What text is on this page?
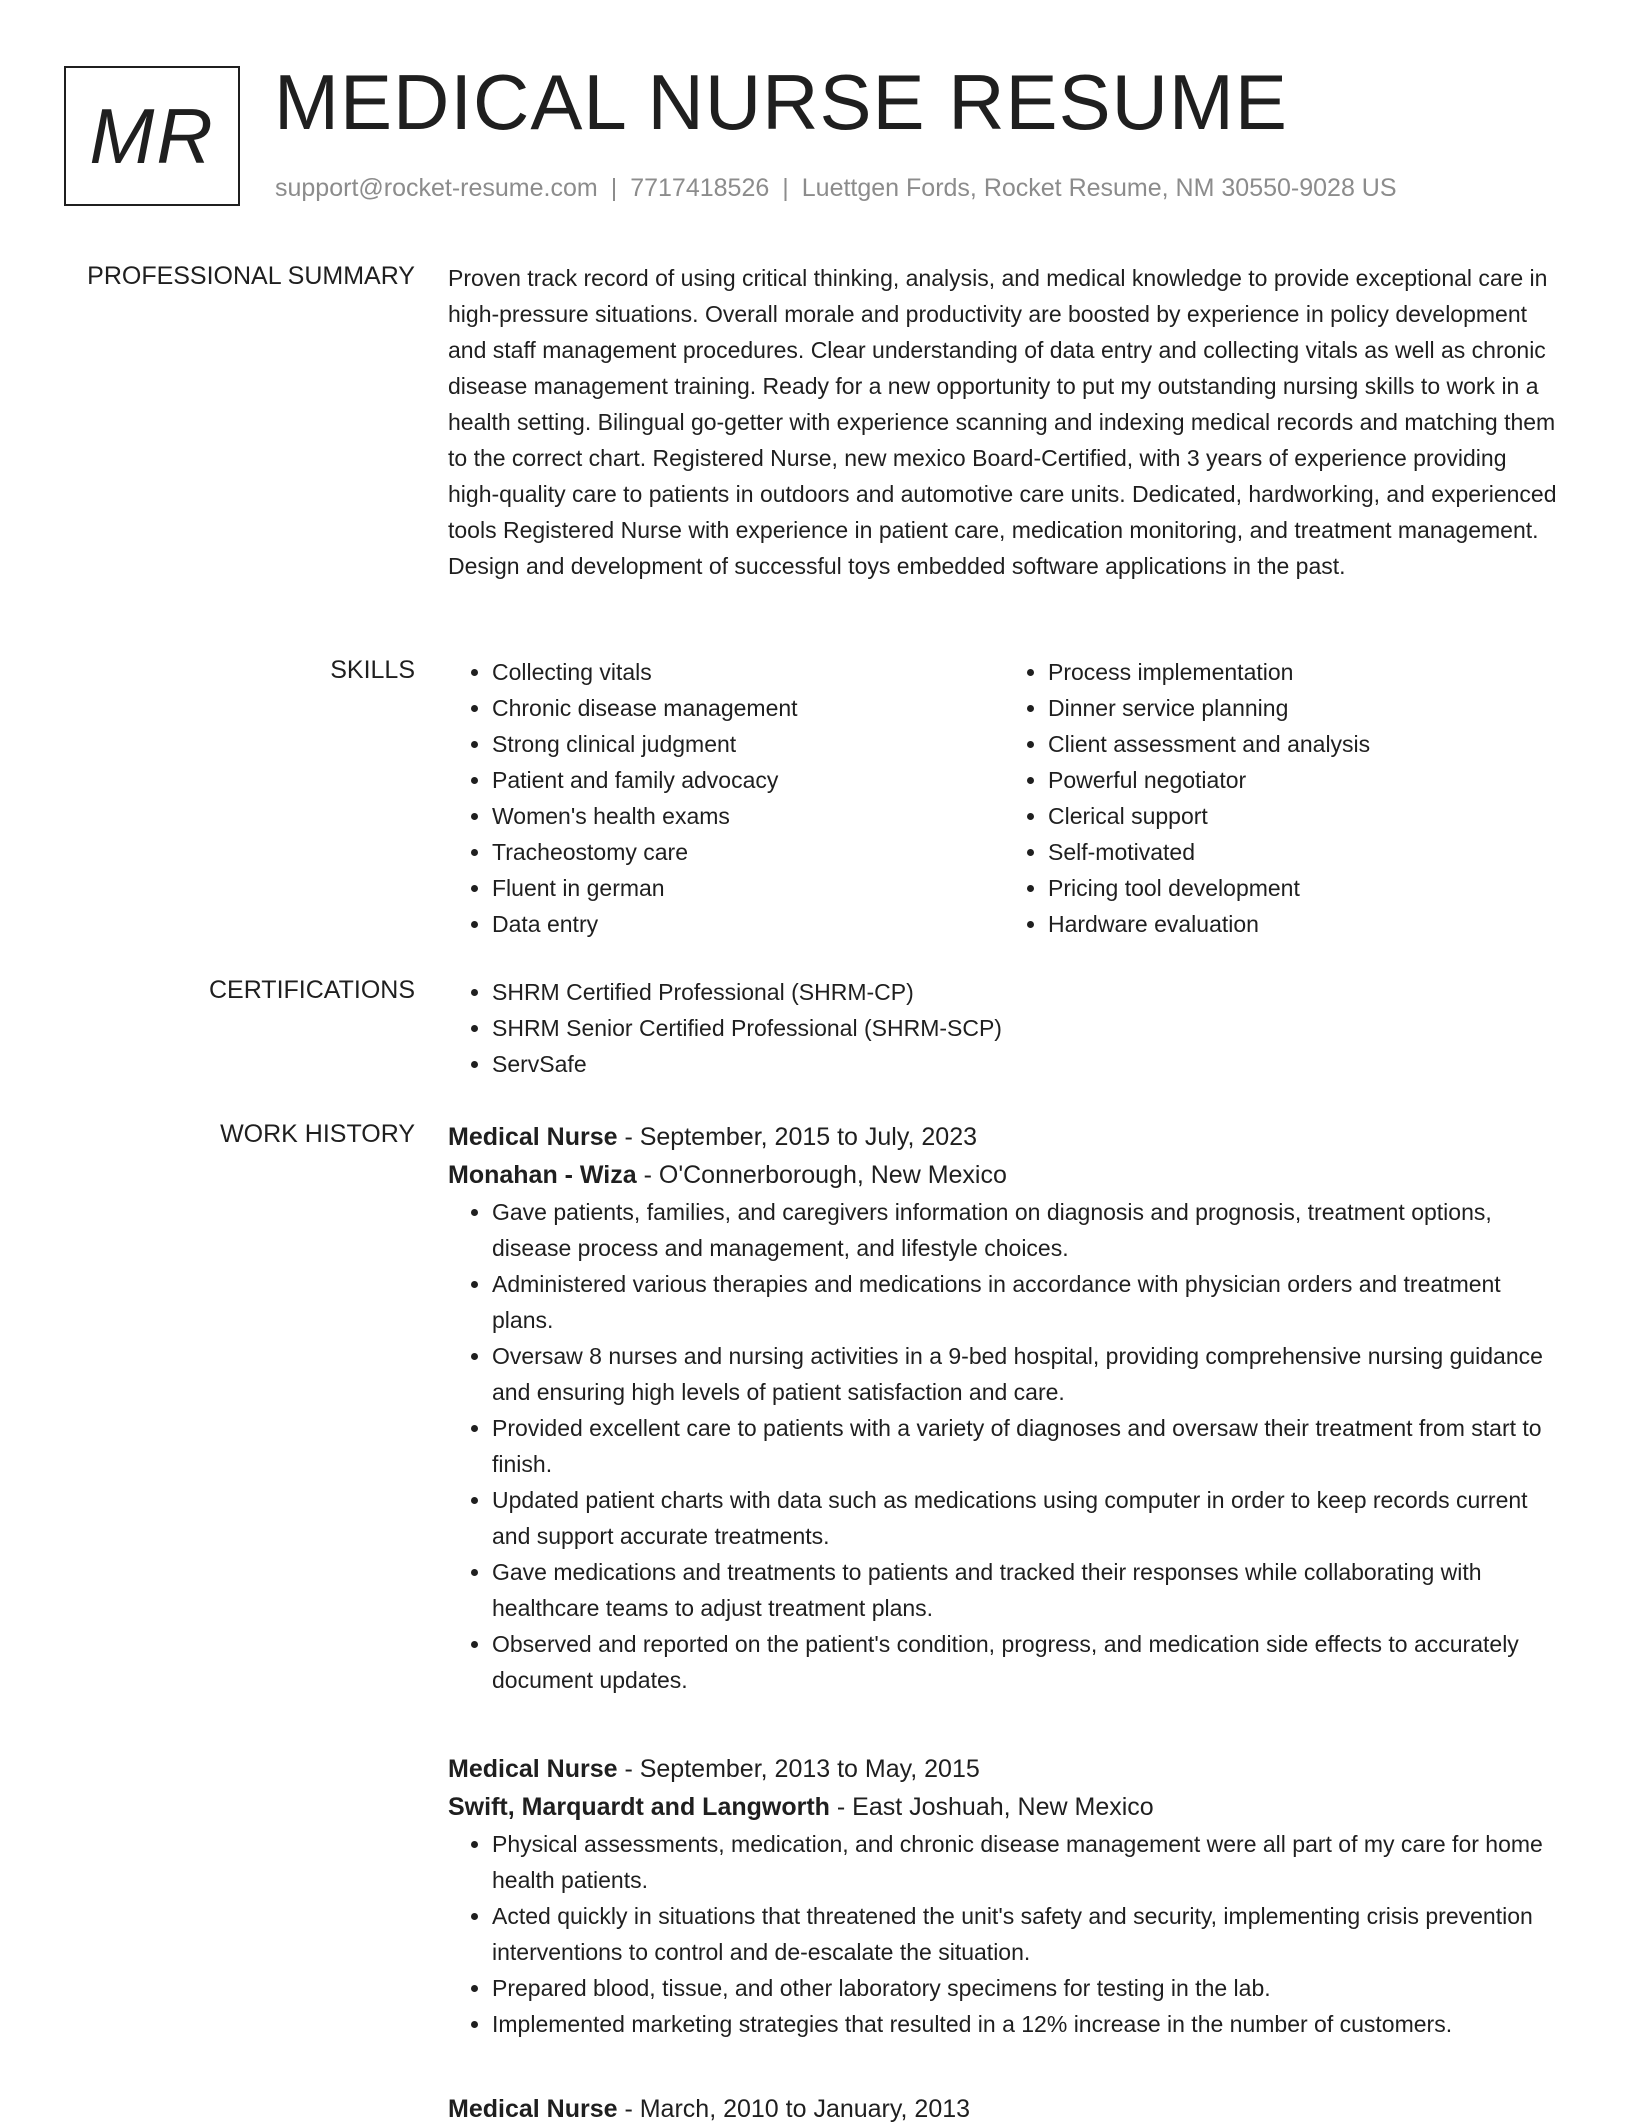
MR MEDICAL NURSE RESUME
support@rocket-resume.com | 7717418526 | Luettgen Fords, Rocket Resume, NM 30550-9028 US
PROFESSIONAL SUMMARY Proven track record of using critical thinking, analysis, and medical knowledge to provide exceptional care in high-pressure situations. Overall morale and productivity are boosted by experience in policy development and staff management procedures. Clear understanding of data entry and collecting vitals as well as chronic disease management training. Ready for a new opportunity to put my outstanding nursing skills to work in a health setting. Bilingual go-getter with experience scanning and indexing medical records and matching them to the correct chart. Registered Nurse, new mexico Board-Certified, with 3 years of experience providing high-quality care to patients in outdoors and automotive care units. Dedicated, hardworking, and experienced tools Registered Nurse with experience in patient care, medication monitoring, and treatment management. Design and development of successful toys embedded software applications in the past.

SKILLS	• Collecting vitals
• Chronic disease management
• Strong clinical judgment
• Patient and family advocacy
• Women's health exams
• Tracheostomy care
• Fluent in german
• Data entry
• Process implementation
• Dinner service planning
• Client assessment and analysis
• Powerful negotiator
• Clerical support
• Self-motivated
• Pricing tool development
• Hardware evaluation
CERTIFICATIONS	• SHRM Certified Professional (SHRM-CP)
• SHRM Senior Certified Professional (SHRM-SCP)
• ServSafe
WORK HISTORY Medical Nurse - September, 2015 to July, 2023
Monahan - Wiza - O'Connerborough, New Mexico
• Gave patients, families, and caregivers information on diagnosis and prognosis, treatment options, disease process and management, and lifestyle choices.
• Administered various therapies and medications in accordance with physician orders and treatment plans.
• Oversaw 8 nurses and nursing activities in a 9-bed hospital, providing comprehensive nursing guidance and ensuring high levels of patient satisfaction and care.
• Provided excellent care to patients with a variety of diagnoses and oversaw their treatment from start to finish.
• Updated patient charts with data such as medications using computer in order to keep records current and support accurate treatments.
• Gave medications and treatments to patients and tracked their responses while collaborating with healthcare teams to adjust treatment plans.
• Observed and reported on the patient's condition, progress, and medication side effects to accurately document updates.
Medical Nurse - September, 2013 to May, 2015
Swift, Marquardt and Langworth - East Joshuah, New Mexico
• Physical assessments, medication, and chronic disease management were all part of my care for home health patients.
• Acted quickly in situations that threatened the unit's safety and security, implementing crisis prevention interventions to control and de-escalate the situation.
• Prepared blood, tissue, and other laboratory specimens for testing in the lab.
• Implemented marketing strategies that resulted in a 12% increase in the number of customers.
Medical Nurse - March, 2010 to January, 2013
